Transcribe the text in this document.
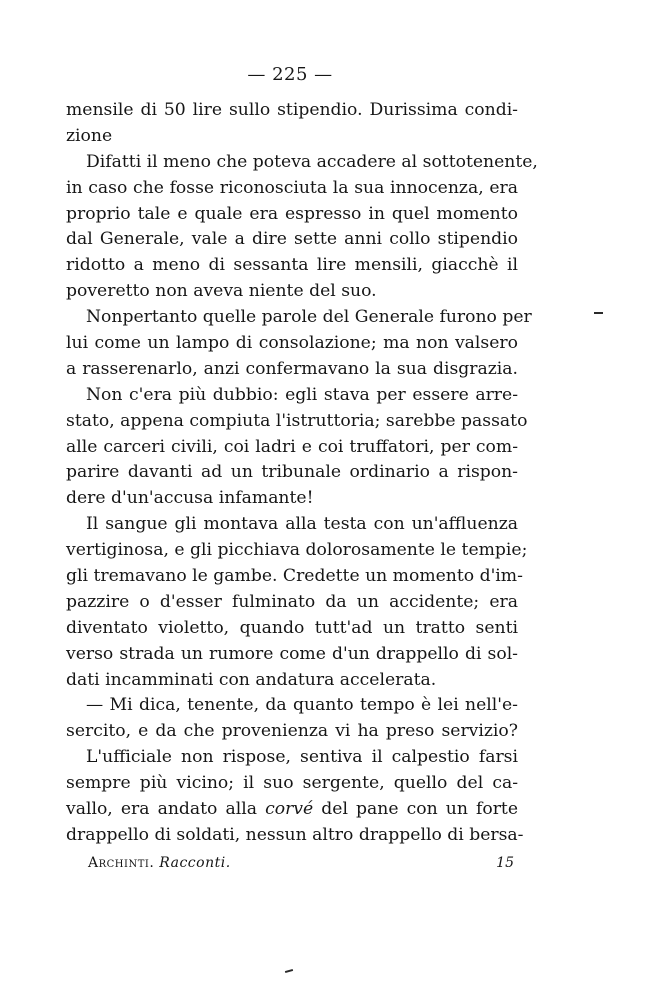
— 225 —
mensile di 50 lire sullo stipendio. Durissima condi-
zione
Difatti il meno che poteva accadere al sottotenente,
in caso che fosse riconosciuta la sua innocenza, era
proprio tale e quale era espresso in quel momento
dal Generale, vale a dire sette anni collo stipendio
ridotto a meno di sessanta lire mensili, giacchè il
poveretto non aveva niente del suo.
Nonpertanto quelle parole del Generale furono per
lui come un lampo di consolazione; ma non valsero
a rasserenarlo, anzi confermavano la sua disgrazia.
Non c'era più dubbio: egli stava per essere arre-
stato, appena compiuta l'istruttoria; sarebbe passato
alle carceri civili, coi ladri e coi truffatori, per com-
parire davanti ad un tribunale ordinario a rispon-
dere d'un'accusa infamante!
Il sangue gli montava alla testa con un'affluenza
vertiginosa, e gli picchiava dolorosamente le tempie;
gli tremavano le gambe. Credette un momento d'im-
pazzire o d'esser fulminato da un accidente; era
diventato violetto, quando tutt'ad un tratto senti
verso strada un rumore come d'un drappello di sol-
dati incamminati con andatura accelerata.
— Mi dica, tenente, da quanto tempo è lei nell'e-
sercito, e da che provenienza vi ha preso servizio?
L'ufficiale non rispose, sentiva il calpestio farsi
sempre più vicino; il suo sergente, quello del ca-
vallo, era andato alla corvé del pane con un forte
drappello di soldati, nessun altro drappello di bersa-
Archinti. Racconti.	15
